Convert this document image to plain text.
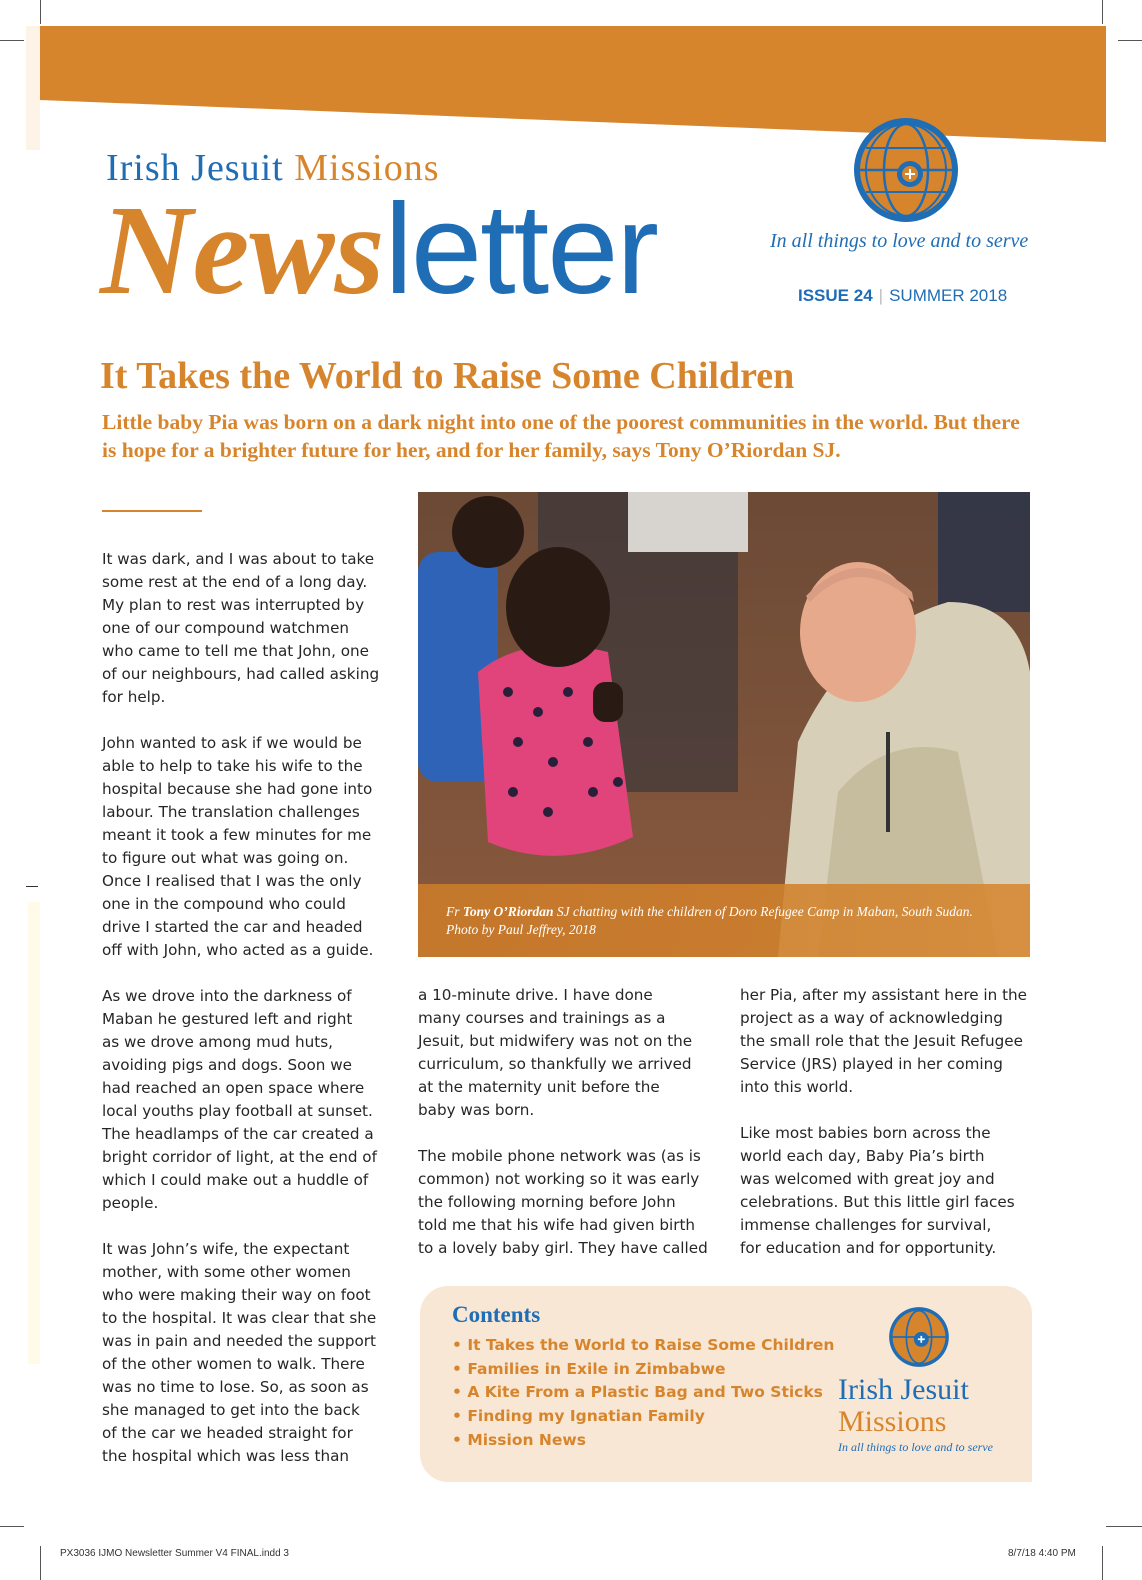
Irish Jesuit Missions
Newsletter	In all things to love and to serve
ISSUE 24 | SUMMER 2018
It Takes the World to Raise Some Children
Little baby Pia was born on a dark night into one of the poorest communities in the world. But there is hope for a brighter future for her, and for her family, says Tony O’Riordan SJ.

It was dark, and I was about to take
some rest at the end of a long day.
My plan to rest was interrupted by
one of our compound watchmen
who came to tell me that John, one
of our neighbours, had called asking
for help.

John wanted to ask if we would be
able to help to take his wife to the
hospital because she had gone into
labour. The translation challenges
meant it took a few minutes for me
to figure out what was going on.
Once I realised that I was the only
one in the compound who could
drive I started the car and headed
off with John, who acted as a guide.

As we drove into the darkness of
Maban he gestured left and right
as we drove among mud huts,
avoiding pigs and dogs. Soon we
had reached an open space where
local youths play football at sunset.
The headlamps of the car created a
bright corridor of light, at the end of
which I could make out a huddle of
people.

It was John’s wife, the expectant
mother, with some other women
who were making their way on foot
to the hospital. It was clear that she
was in pain and needed the support
of the other women to walk. There
was no time to lose. So, as soon as
she managed to get into the back
of the car we headed straight for
the hospital which was less than

a 10-minute drive. I have done
many courses and trainings as a
Jesuit, but midwifery was not on the
curriculum, so thankfully we arrived
at the maternity unit before the
baby was born.

The mobile phone network was (as is
common) not working so it was early
the following morning before John
told me that his wife had given birth
to a lovely baby girl. They have called

her Pia, after my assistant here in the
project as a way of acknowledging
the small role that the Jesuit Refugee
Service (JRS) played in her coming
into this world.

Like most babies born across the
world each day, Baby Pia’s birth
was welcomed with great joy and
celebrations. But this little girl faces
immense challenges for survival,
for education and for opportunity.

Fr Tony O’Riordan SJ chatting with the children of Doro Refugee Camp in Maban, South Sudan. Photo by Paul Jeffrey, 2018
Contents
• It Takes the World to Raise Some Children
• Families in Exile in Zimbabwe
• A Kite From a Plastic Bag and Two Sticks
• Finding my Ignatian Family
• Mission News
Irish Jesuit
Missions
In all things to love and to serve
PX3036 IJMO Newsletter Summer V4 FINAL.indd 3	8/7/18 4:40 PM
